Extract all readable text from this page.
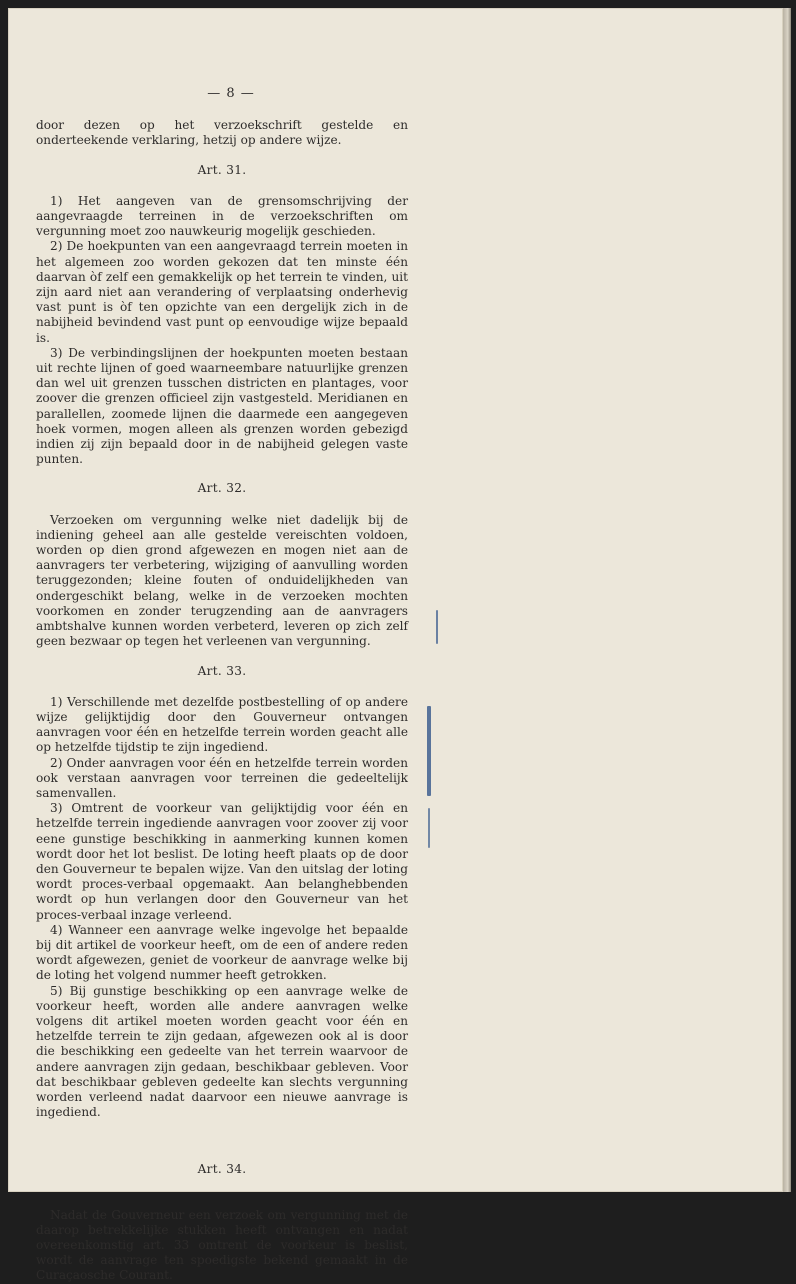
— 8 —

door dezen op het verzoekschrift gestelde en onderteekende verklaring, hetzij op andere wijze.

Art. 31.

1) Het aangeven van de grensomschrijving der aangevraagde terreinen in de verzoekschriften om vergunning moet zoo nauwkeurig mogelijk geschieden.

2) De hoekpunten van een aangevraagd terrein moeten in het algemeen zoo worden gekozen dat ten minste één daarvan òf zelf een gemakkelijk op het terrein te vinden, uit zijn aard niet aan verandering of verplaatsing onderhevig vast punt is òf ten opzichte van een dergelijk zich in de nabijheid bevindend vast punt op eenvoudige wijze bepaald is.

3) De verbindingslijnen der hoekpunten moeten bestaan uit rechte lijnen of goed waarneembare natuurlijke grenzen dan wel uit grenzen tusschen districten en plantages, voor zoover die grenzen officieel zijn vastgesteld. Meridianen en parallellen, zoomede lijnen die daarmede een aangegeven hoek vormen, mogen alleen als grenzen worden gebezigd indien zij zijn bepaald door in de nabijheid gelegen vaste punten.

Art. 32.

Verzoeken om vergunning welke niet dadelijk bij de indiening geheel aan alle gestelde vereischten voldoen, worden op dien grond afgewezen en mogen niet aan de aanvragers ter verbetering, wijziging of aanvulling worden teruggezonden; kleine fouten of onduidelijkheden van ondergeschikt belang, welke in de verzoeken mochten voorkomen en zonder terugzending aan de aanvragers ambtshalve kunnen worden verbeterd, leveren op zich zelf geen bezwaar op tegen het verleenen van vergunning.

Art. 33.

1) Verschillende met dezelfde postbestelling of op andere wijze gelijktijdig door den Gouverneur ontvangen aanvragen voor één en hetzelfde terrein worden geacht alle op hetzelfde tijdstip te zijn ingediend.

2) Onder aanvragen voor één en hetzelfde terrein worden ook verstaan aanvragen voor terreinen die gedeeltelijk samenvallen.

3) Omtrent de voorkeur van gelijktijdig voor één en hetzelfde terrein ingediende aanvragen voor zoover zij voor eene gunstige beschikking in aanmerking kunnen komen wordt door het lot beslist. De loting heeft plaats op de door den Gouverneur te bepalen wijze. Van den uitslag der loting wordt proces-verbaal opgemaakt. Aan belanghebbenden wordt op hun verlangen door den Gouverneur van het proces-verbaal inzage verleend.

4) Wanneer een aanvrage welke ingevolge het bepaalde bij dit artikel de voorkeur heeft, om de een of andere reden wordt afgewezen, geniet de voorkeur de aanvrage welke bij de loting het volgend nummer heeft getrokken.

5) Bij gunstige beschikking op een aanvrage welke de voorkeur heeft, worden alle andere aanvragen welke volgens dit artikel moeten worden geacht voor één en hetzelfde terrein te zijn gedaan, afgewezen ook al is door die beschikking een gedeelte van het terrein waarvoor de andere aanvragen zijn gedaan, beschikbaar gebleven. Voor dat beschikbaar gebleven gedeelte kan slechts vergunning worden verleend nadat daarvoor een nieuwe aanvrage is ingediend.

Art. 34.

Nadat de Gouverneur een verzoek om vergunning met de daarop betrekkelijke stukken heeft ontvangen en nadat overeenkomstig art. 33 omtrent de voorkeur is beslist, wordt de aanvrage ten spoedigste bekend gemaakt in de Curaçaosche Courant.
